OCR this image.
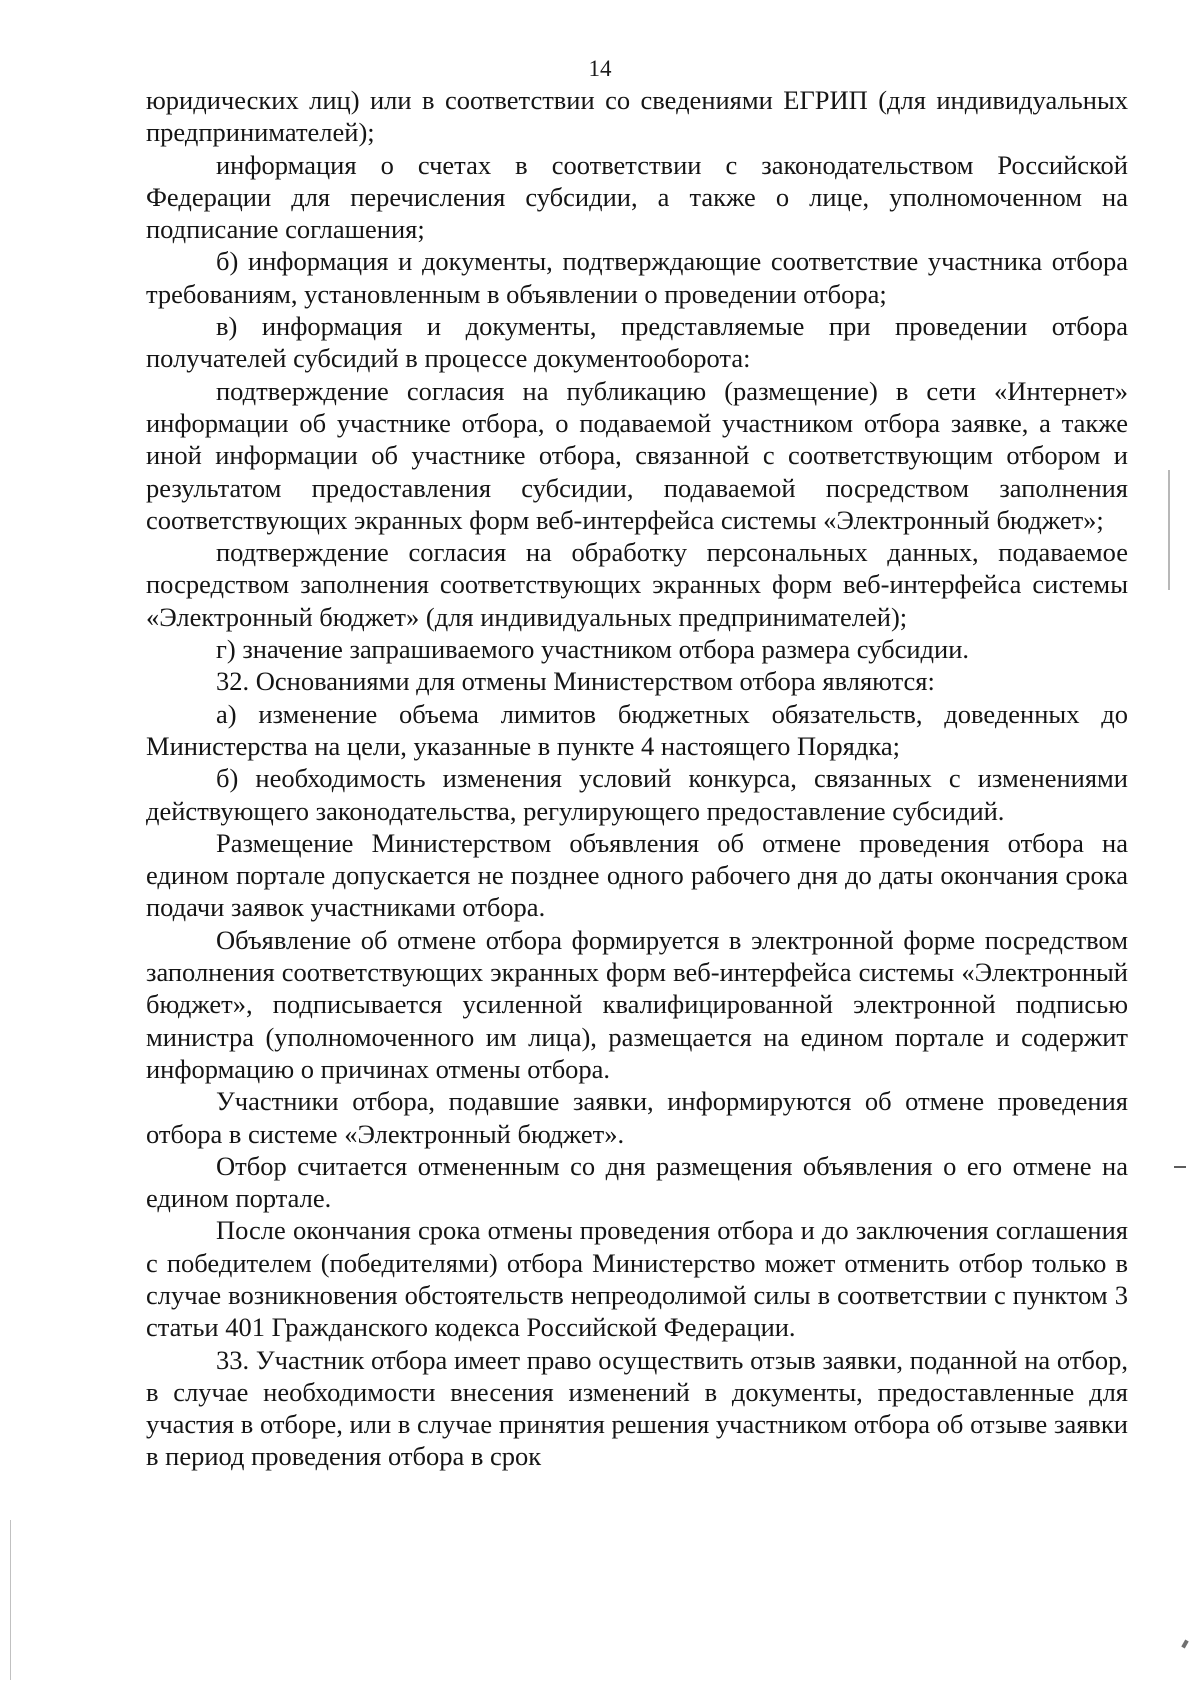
14

юридических лиц) или в соответствии со сведениями ЕГРИП (для индивидуальных предпринимателей);

информация о счетах в соответствии с законодательством Российской Федерации для перечисления субсидии, а также о лице, уполномоченном на подписание соглашения;

б) информация и документы, подтверждающие соответствие участника отбора требованиям, установленным в объявлении о проведении отбора;

в) информация и документы, представляемые при проведении отбора получателей субсидий в процессе документооборота:

подтверждение согласия на публикацию (размещение) в сети «Интернет» информации об участнике отбора, о подаваемой участником отбора заявке, а также иной информации об участнике отбора, связанной с соответствующим отбором и результатом предоставления субсидии, подаваемой посредством заполнения соответствующих экранных форм веб-интерфейса системы «Электронный бюджет»;

подтверждение согласия на обработку персональных данных, подаваемое посредством заполнения соответствующих экранных форм веб-интерфейса системы «Электронный бюджет» (для индивидуальных предпринимателей);

г) значение запрашиваемого участником отбора размера субсидии.

32. Основаниями для отмены Министерством отбора являются:

а) изменение объема лимитов бюджетных обязательств, доведенных до Министерства на цели, указанные в пункте 4 настоящего Порядка;

б) необходимость изменения условий конкурса, связанных с изменениями действующего законодательства, регулирующего предоставление субсидий.

Размещение Министерством объявления об отмене проведения отбора на едином портале допускается не позднее одного рабочего дня до даты окончания срока подачи заявок участниками отбора.

Объявление об отмене отбора формируется в электронной форме посредством заполнения соответствующих экранных форм веб-интерфейса системы «Электронный бюджет», подписывается усиленной квалифицированной электронной подписью министра (уполномоченного им лица), размещается на едином портале и содержит информацию о причинах отмены отбора.

Участники отбора, подавшие заявки, информируются об отмене проведения отбора в системе «Электронный бюджет».

Отбор считается отмененным со дня размещения объявления о его отмене на едином портале.

После окончания срока отмены проведения отбора и до заключения соглашения с победителем (победителями) отбора Министерство может отменить отбор только в случае возникновения обстоятельств непреодолимой силы в соответствии с пунктом 3 статьи 401 Гражданского кодекса Российской Федерации.

33. Участник отбора имеет право осуществить отзыв заявки, поданной на отбор, в случае необходимости внесения изменений в документы, предоставленные для участия в отборе, или в случае принятия решения участником отбора об отзыве заявки в период проведения отбора в срок
